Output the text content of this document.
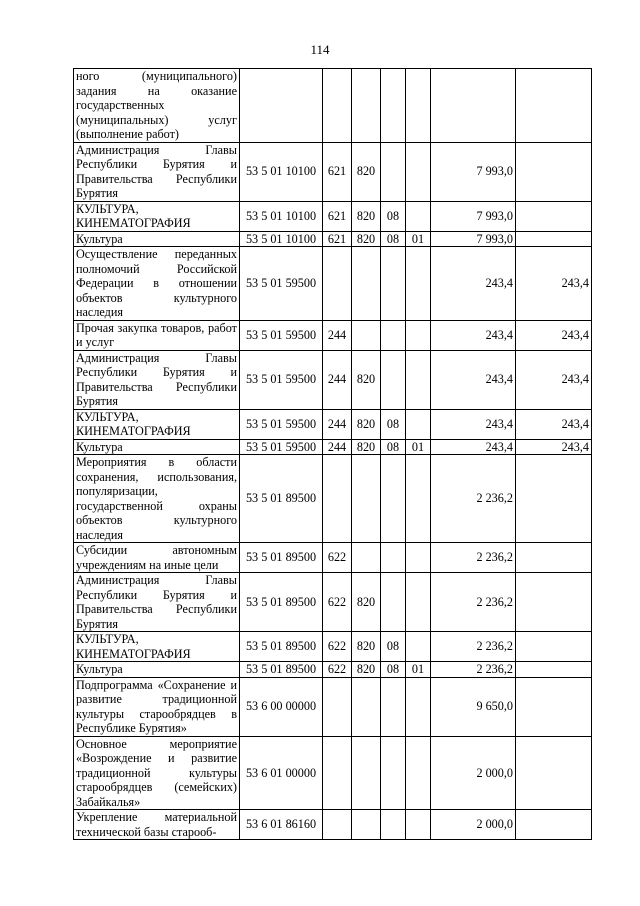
114
ного (муниципального) задания на оказание государственных (муниципальных) услуг (выполнение работ)							
Администрация Главы Республики Бурятия и Правительства Республики Бурятия	53 5 01 10100	621	820			7 993,0	
КУЛЬТУРА, КИНЕМАТОГРАФИЯ	53 5 01 10100	621	820	08		7 993,0	
Культура	53 5 01 10100	621	820	08	01	7 993,0	
Осуществление переданных полномочий Российской Федерации в отношении объектов культурного наследия	53 5 01 59500					243,4	243,4
Прочая закупка товаров, работ и услуг	53 5 01 59500	244				243,4	243,4
Администрация Главы Республики Бурятия и Правительства Республики Бурятия	53 5 01 59500	244	820			243,4	243,4
КУЛЬТУРА, КИНЕМАТОГРАФИЯ	53 5 01 59500	244	820	08		243,4	243,4
Культура	53 5 01 59500	244	820	08	01	243,4	243,4
Мероприятия в области сохранения, использования, популяризации, государственной охраны объектов культурного наследия	53 5 01 89500					2 236,2	
Субсидии автономным учреждениям на иные цели	53 5 01 89500	622				2 236,2	
Администрация Главы Республики Бурятия и Правительства Республики Бурятия	53 5 01 89500	622	820			2 236,2	
КУЛЬТУРА, КИНЕМАТОГРАФИЯ	53 5 01 89500	622	820	08		2 236,2	
Культура	53 5 01 89500	622	820	08	01	2 236,2	
Подпрограмма «Сохранение и развитие традиционной культуры старообрядцев в Республике Бурятия»	53 6 00 00000					9 650,0	
Основное мероприятие «Возрождение и развитие традиционной культуры старообрядцев (семейских) Забайкалья»	53 6 01 00000					2 000,0	
Укрепление материальной технической базы старооб-	53 6 01 86160					2 000,0	
